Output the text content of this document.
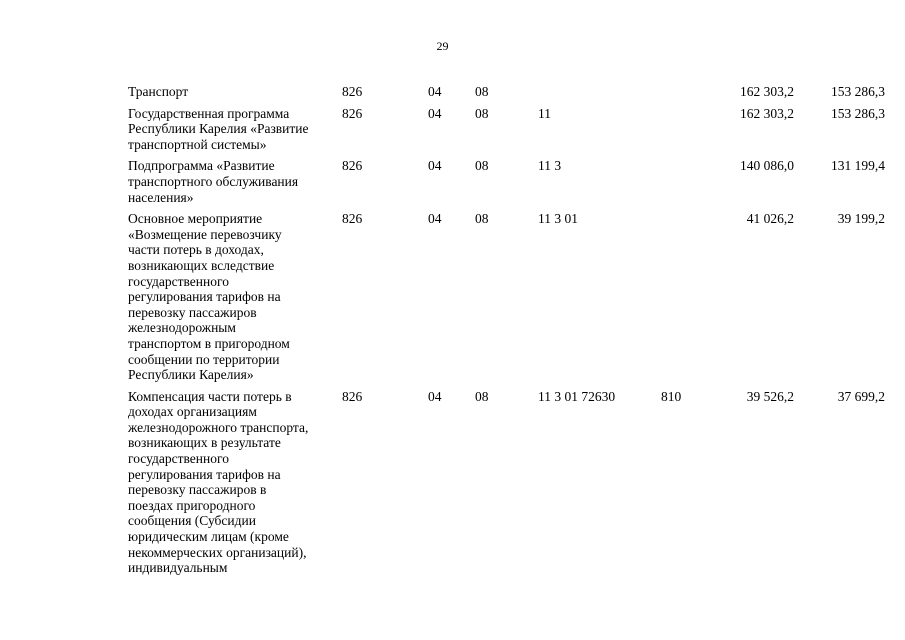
29
Транспорт	826	04 08	162 303,2	153 286,3
Государственная программа
Республики Карелия «Развитие
транспортной системы»
826	04 08	11	162 303,2	153 286,3
Подпрограмма «Развитие
транспортного обслуживания
населения»
826	04 08	11 3	140 086,0	131 199,4
Основное мероприятие
«Возмещение перевозчику
части потерь в доходах,
возникающих вследствие
государственного
регулирования тарифов на
перевозку пассажиров
железнодорожным
транспортом в пригородном
сообщении по территории
Республики Карелия»
826	04 08	11 3 01	41 026,2	39 199,2
Компенсация части потерь в
доходах организациям
железнодорожного транспорта,
возникающих в результате
государственного
регулирования тарифов на
перевозку пассажиров в
поездах пригородного
сообщения (Субсидии
юридическим лицам (кроме
некоммерческих организаций),
индивидуальным
826	04 08	11 3 01 72630	810	39 526,2	37 699,2
